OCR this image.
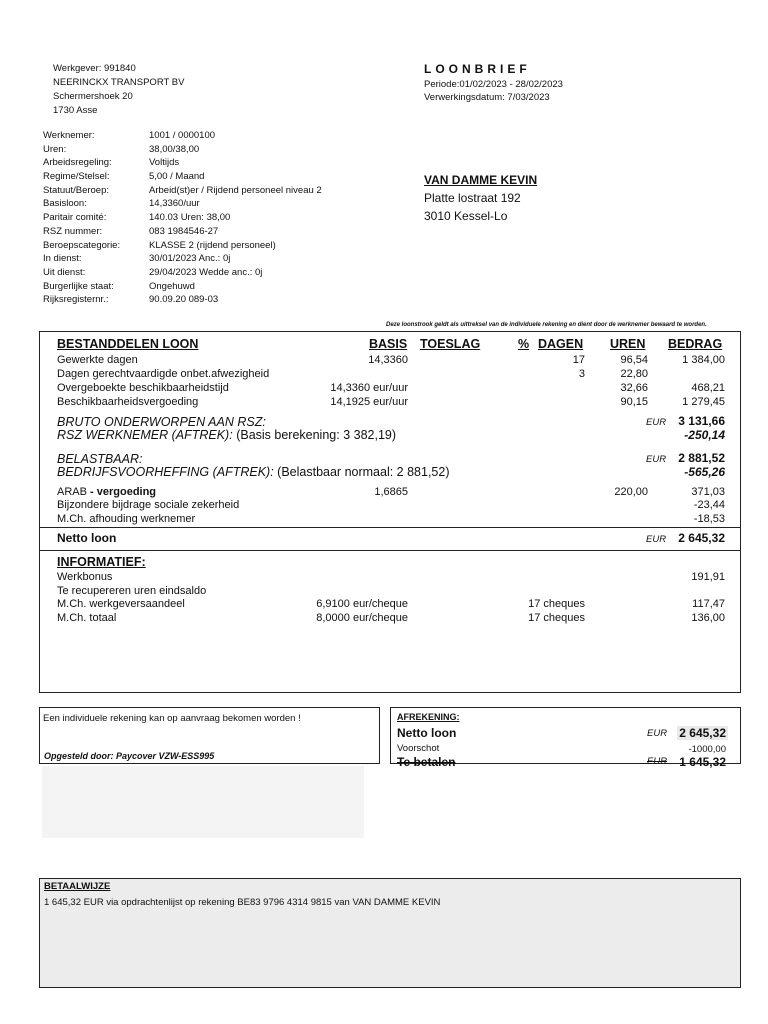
Werkgever: 991840
NEERINCKX TRANSPORT BV
Schermershoek 20
1730 Asse
LOONBRIEF
Periode:01/02/2023 - 28/02/2023
Verwerkingsdatum: 7/03/2023
Werknemer:	1001 / 0000100
Uren:	38,00/38,00
Arbeidsregeling:	Voltijds
Regime/Stelsel:	5,00 / Maand
Statuut/Beroep:	Arbeid(st)er / Rijdend personeel niveau 2
Basisloon:	14,3360/uur
Paritair comité:	140.03 Uren: 38,00
RSZ nummer:	083 1984546-27
Beroepscategorie:	KLASSE 2 (rijdend personeel)
In dienst:	30/01/2023 Anc.: 0j
Uit dienst:	29/04/2023 Wedde anc.: 0j
Burgerlijke staat:	Ongehuwd
Rijksregisternr.:	90.09.20 089-03
VAN DAMME KEVIN
Platte lostraat 192
3010 Kessel-Lo
Deze loonstrook geldt als uittreksel van de individuele rekening en dient door de werknemer bewaard te worden.
BESTANDDELEN LOON	BASIS TOESLAG	% DAGEN UREN BEDRAG
Gewerkte dagen	14,3360	17	96,54	1 384,00
Dagen gerechtvaardigde onbet.afwezigheid	3	22,80
Overgeboekte beschikbaarheidstijd	14,3360 eur/uur	32,66	468,21
Beschikbaarheidsvergoeding	14,1925 eur/uur	90,15	1 279,45
BRUTO ONDERWORPEN AAN RSZ:	EUR 3 131,66
RSZ WERKNEMER (AFTREK): (Basis berekening: 3 382,19)	-250,14
BELASTBAAR:	EUR 2 881,52
BEDRIJFSVOORHEFFING (AFTREK): (Belastbaar normaal: 2 881,52)	-565,26
ARAB - vergoeding	1,6865	220,00	371,03
Bijzondere bijdrage sociale zekerheid	-23,44
M.Ch. afhouding werknemer	-18,53
Netto loon	EUR 2 645,32
INFORMATIEF:
Werkbonus	191,91
Te recupereren uren eindsaldo
M.Ch. werkgeversaandeel	6,9100 eur/cheque	17 cheques	117,47
M.Ch. totaal	8,0000 eur/cheque	17 cheques	136,00
Een individuele rekening kan op aanvraag bekomen worden !
Opgesteld door: Paycover VZW-ESS995
AFREKENING:
Netto loon	EUR 2 645,32
Voorschot	-1000,00
Te betalen	EUR 1 645,32
BETAALWIJZE
1 645,32 EUR via opdrachtenlijst op rekening BE83 9796 4314 9815 van VAN DAMME KEVIN
